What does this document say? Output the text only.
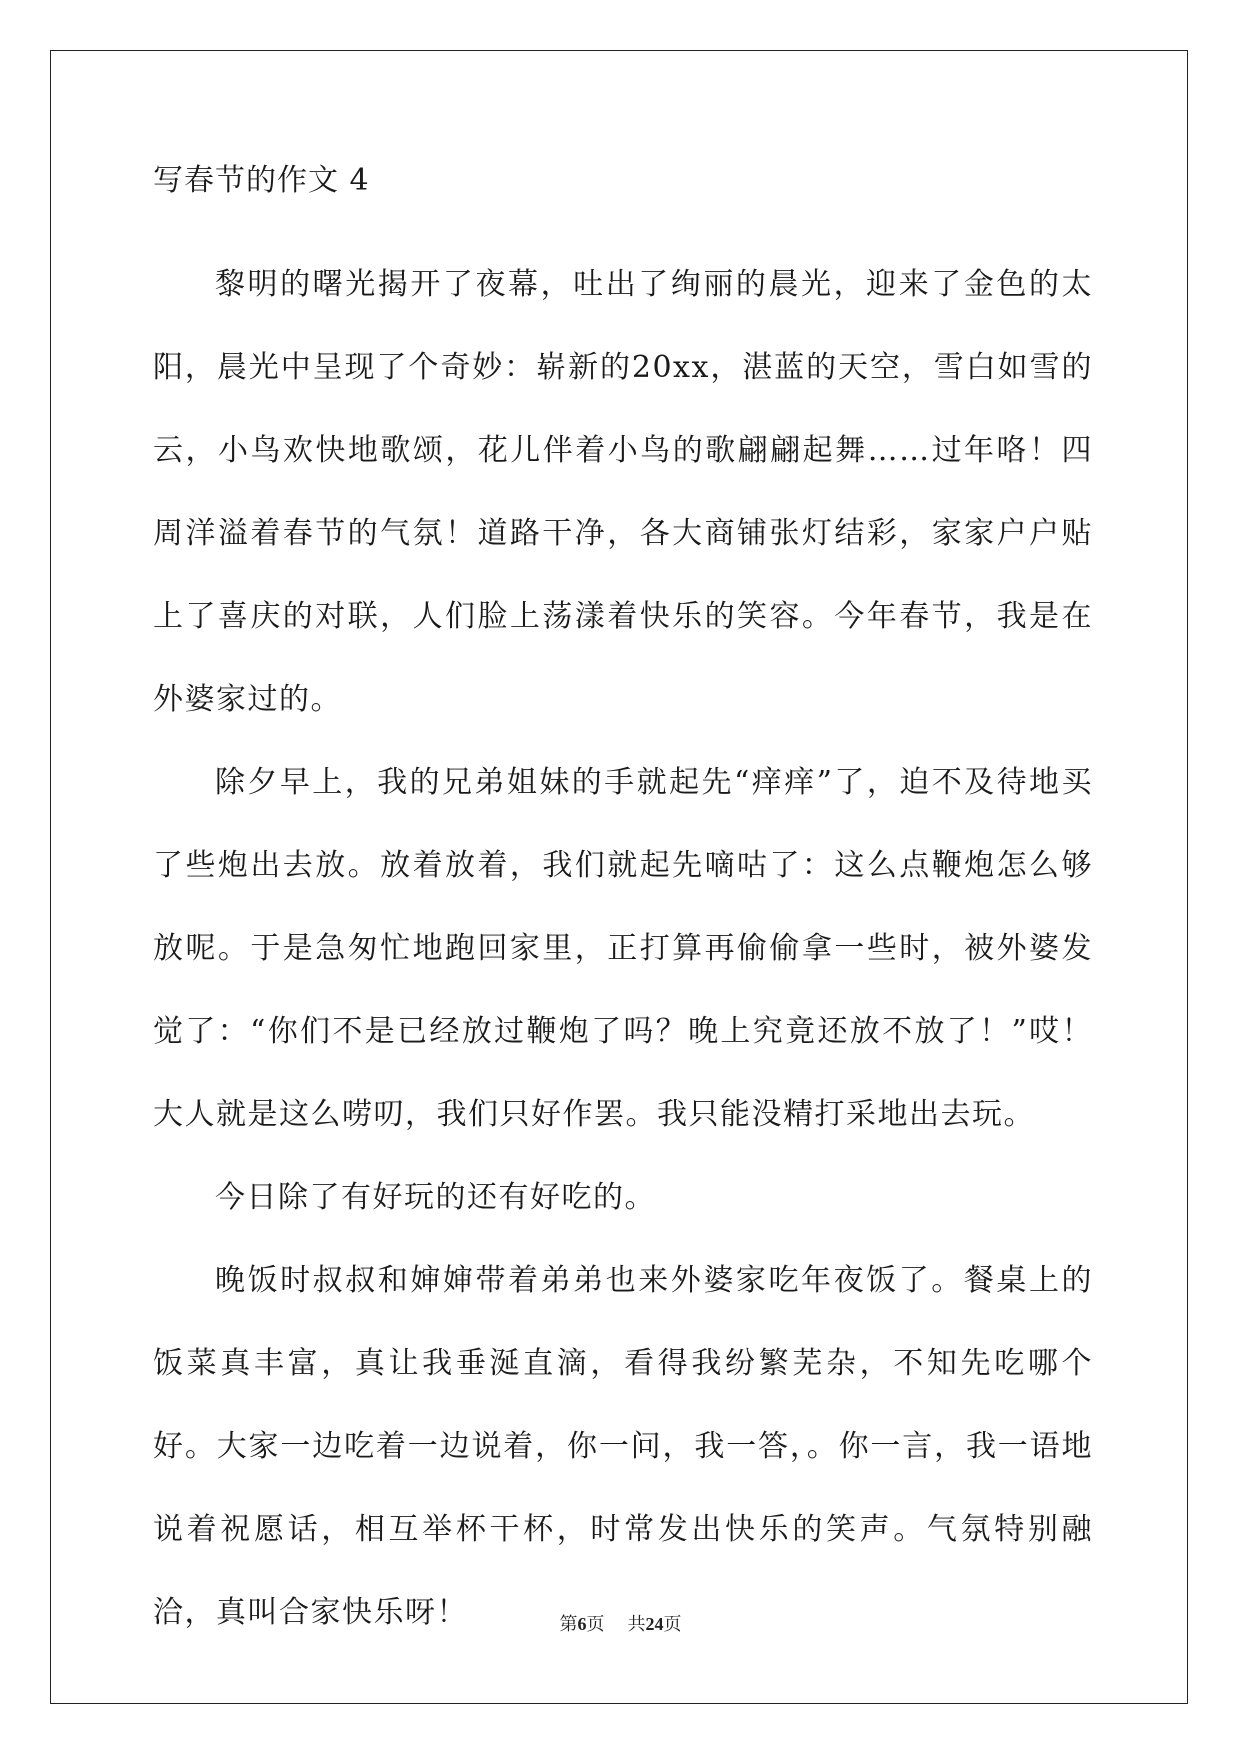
写春节的作文 4

黎明的曙光揭开了夜幕，吐出了绚丽的晨光，迎来了金色的太阳，晨光中呈现了个奇妙：崭新的20xx，湛蓝的天空，雪白如雪的云，小鸟欢快地歌颂，花儿伴着小鸟的歌翩翩起舞……过年咯！四周洋溢着春节的气氛！道路干净，各大商铺张灯结彩，家家户户贴上了喜庆的对联，人们脸上荡漾着快乐的笑容。今年春节，我是在外婆家过的。

除夕早上，我的兄弟姐妹的手就起先“痒痒”了，迫不及待地买了些炮出去放。放着放着，我们就起先嘀咕了：这么点鞭炮怎么够放呢。于是急匆忙地跑回家里，正打算再偷偷拿一些时，被外婆发觉了：“你们不是已经放过鞭炮了吗？晚上究竟还放不放了！”哎！大人就是这么唠叨，我们只好作罢。我只能没精打采地出去玩。

今日除了有好玩的还有好吃的。

晚饭时叔叔和婶婶带着弟弟也来外婆家吃年夜饭了。餐桌上的饭菜真丰富，真让我垂涎直滴，看得我纷繁芜杂，不知先吃哪个好。大家一边吃着一边说着，你一问，我一答，。你一言，我一语地说着祝愿话，相互举杯干杯，时常发出快乐的笑声。气氛特别融洽，真叫合家快乐呀！	第6页 共24页
